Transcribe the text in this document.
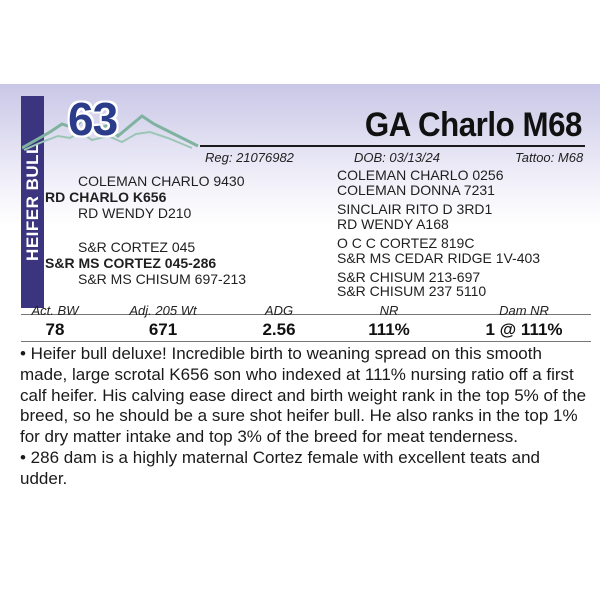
HEIFER BULL
63	GA Charlo M68
Reg: 21076982	DOB: 03/13/24	Tattoo: M68
COLEMAN CHARLO 9430
RD CHARLO K656
RD WENDY D210
S&R CORTEZ 045
S&R MS CORTEZ 045-286
S&R MS CHISUM 697-213
COLEMAN CHARLO 0256
COLEMAN DONNA 7231
SINCLAIR RITO D 3RD1
RD WENDY A168
O C C CORTEZ 819C
S&R MS CEDAR RIDGE 1V-403
S&R CHISUM 213-697
S&R CHISUM 237 5110
Act. BW	Adj. 205 Wt	ADG	NR	Dam NR
78	671	2.56	111%	1 @ 111%

• Heifer bull deluxe! Incredible birth to weaning spread on this smooth made, large scrotal K656 son who indexed at 111% nursing ratio off a first calf heifer. His calving ease direct and birth weight rank in the top 5% of the breed, so he should be a sure shot heifer bull. He also ranks in the top 1% for dry matter intake and top 3% of the breed for meat tenderness.

• 286 dam is a highly maternal Cortez female with excellent teats and udder.
